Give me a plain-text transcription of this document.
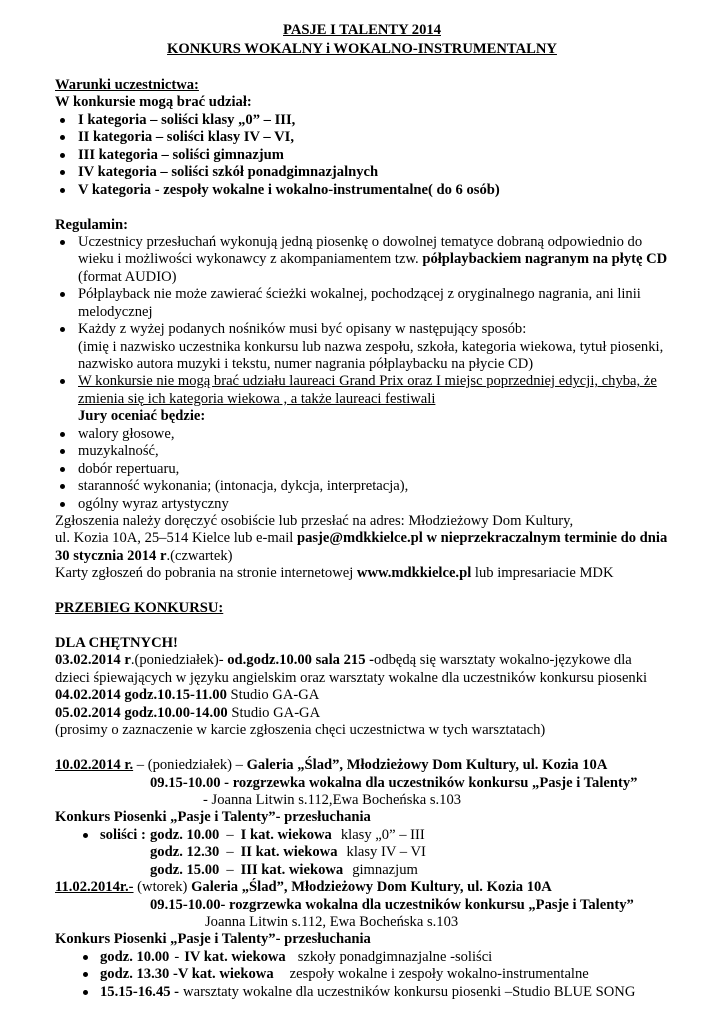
PASJE I TALENTY 2014
KONKURS WOKALNY i WOKALNO-INSTRUMENTALNY
Warunki uczestnictwa:
W konkursie mogą brać udział:
I kategoria – soliści klasy „0” – III,
II kategoria – soliści klasy IV – VI,
III kategoria – soliści gimnazjum
IV kategoria – soliści szkół ponadgimnazjalnych
V kategoria - zespoły wokalne i wokalno-instrumentalne( do 6 osób)
Regulamin:
Uczestnicy przesłuchań wykonują jedną piosenkę o dowolnej tematyce dobraną odpowiednio do
wieku i możliwości wykonawcy z akompaniamentem tzw. półplaybackiem nagranym na płytę CD
(format AUDIO)
Półplayback nie może zawierać ścieżki wokalnej, pochodzącej z oryginalnego nagrania, ani linii
melodycznej
Każdy z wyżej podanych nośników musi być opisany w następujący sposób:
(imię i nazwisko uczestnika konkursu lub nazwa zespołu, szkoła, kategoria wiekowa, tytuł piosenki,
nazwisko autora muzyki i tekstu, numer nagrania półplaybacku na płycie CD)
W konkursie nie mogą brać udziału laureaci Grand Prix oraz I miejsc poprzedniej edycji, chyba, że
zmienia się ich kategoria wiekowa , a także laureaci festiwali
Jury oceniać będzie:
walory głosowe,
muzykalność,
dobór repertuaru,
staranność wykonania; (intonacja, dykcja, interpretacja),
ogólny wyraz artystyczny
Zgłoszenia należy doręczyć osobiście lub przesłać na adres: Młodzieżowy Dom Kultury,
ul. Kozia 10A, 25–514 Kielce lub e-mail pasje@mdkkielce.pl w nieprzekraczalnym terminie do dnia
30 stycznia 2014 r.(czwartek)
Karty zgłoszeń do pobrania na stronie internetowej www.mdkkielce.pl lub impresariacie MDK
PRZEBIEG KONKURSU:
DLA CHĘTNYCH!
03.02.2014 r.(poniedziałek)- od.godz.10.00 sala 215 -odbędą się warsztaty wokalno-językowe dla
dzieci śpiewających w języku angielskim oraz warsztaty wokalne dla uczestników konkursu piosenki
04.02.2014 godz.10.15-11.00 Studio GA-GA
05.02.2014 godz.10.00-14.00 Studio GA-GA
(prosimy o zaznaczenie w karcie zgłoszenia chęci uczestnictwa w tych warsztatach)
10.02.2014 r. – (poniedziałek) – Galeria „Ślad”, Młodzieżowy Dom Kultury, ul. Kozia 10A
09.15-10.00 - rozgrzewka wokalna dla uczestników konkursu „Pasje i Talenty”
- Joanna Litwin s.112,Ewa Bocheńska s.103
Konkurs Piosenki „Pasje i Talenty”- przesłuchania
soliści : godz. 10.00 – I kat. wiekowa klasy „0” – III
godz. 12.30 – II kat. wiekowa klasy IV – VI
godz. 15.00 – III kat. wiekowa gimnazjum
11.02.2014r.- (wtorek) Galeria „Ślad”, Młodzieżowy Dom Kultury, ul. Kozia 10A
09.15-10.00- rozgrzewka wokalna dla uczestników konkursu „Pasje i Talenty”
Joanna Litwin s.112, Ewa Bocheńska s.103
Konkurs Piosenki „Pasje i Talenty”- przesłuchania
godz. 10.00 - IV kat. wiekowa szkoły ponadgimnazjalne -soliści
godz. 13.30 -V kat. wiekowa zespoły wokalne i zespoły wokalno-instrumentalne
15.15-16.45 - warsztaty wokalne dla uczestników konkursu piosenki –Studio BLUE SONG
